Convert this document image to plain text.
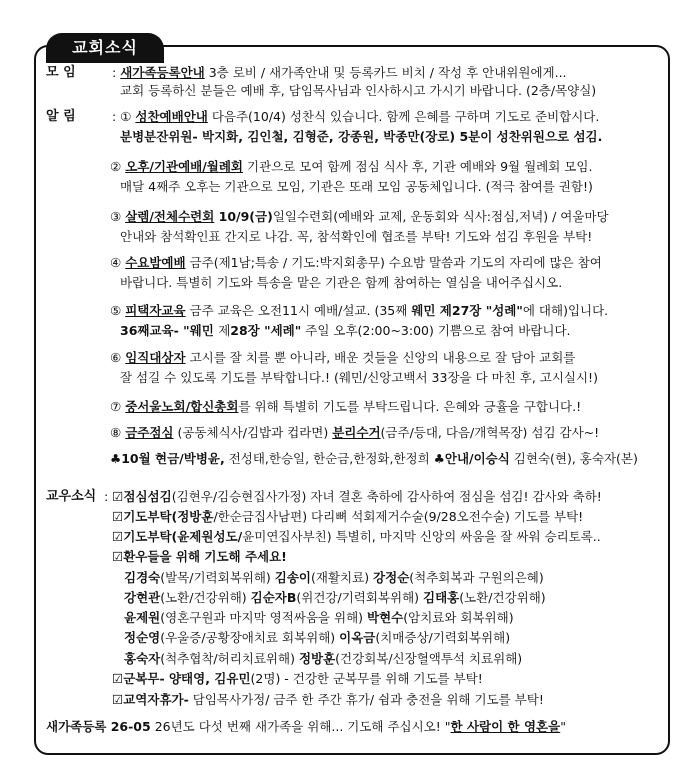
교회소식
모 임	: 새가족등록안내 3층 로비 / 새가족안내 및 등록카드 비치 / 작성 후 안내위원에게...
교회 등록하신 분들은 예배 후, 담임목사님과 인사하시고 가시기 바랍니다. (2층/목양실)
알 림	: ① 성찬예배안내 다음주(10/4) 성찬식 있습니다. 함께 은혜를 구하며 기도로 준비합시다.
분병분잔위원- 박지화, 김인철, 김형준, 강종원, 박종만(장로) 5분이 성찬위원으로 섬김.
② 오후/기관예배/월례회 기관으로 모여 함께 점심 식사 후, 기관 예배와 9월 월례회 모임.
매달 4째주 오후는 기관으로 모임, 기관은 또래 모임 공동체입니다. (적극 참여를 권함!)
③ 살렘/전체수련회 10/9(금)일일수련회(예배와 교제, 운동회와 식사:점심,저녁) / 여울마당
안내와 참석확인표 간지로 나감. 꼭, 참석확인에 협조를 부탁! 기도와 섬김 후원을 부탁!
④ 수요밤예배 금주(제1남;특송 / 기도:박지회총무) 수요밤 말씀과 기도의 자리에 많은 참여
바랍니다. 특별히 기도와 특송을 맡은 기관은 함께 참여하는 열심을 내어주십시오.
⑤ 피택자교육 금주 교육은 오전11시 예배/설교. (35째 웨민 제27장 "성례"에 대해)입니다.
36째교육- "웨민 제28장 "세례" 주일 오후(2:00~3:00) 기쁨으로 참여 바랍니다.
⑥ 임직대상자 고시를 잘 치를 뿐 아니라, 배운 것들을 신앙의 내용으로 잘 담아 교회를
잘 섬길 수 있도록 기도를 부탁합니다.! (웨민/신앙고백서 33장을 다 마친 후, 고시실시!)
⑦ 중서울노회/합신총회를 위해 특별히 기도를 부탁드립니다. 은혜와 긍휼을 구합니다.!
⑧ 금주점심 (공동체식사/김밥과 컵라면) 분리수거(금주/등대, 다음/개혁목장) 섬김 감사~!
♣10월 현금/박병윤, 전성태,한승일, 한순금,한정화,한정희 ♣안내/이승식 김현숙(현), 홍숙자(본)
교우소식 : ☑점심섬김(김현우/김승현집사가정) 자녀 결혼 축하에 감사하여 점심을 섬김! 감사와 축하!
☑기도부탁(정방훈/한순금집사남편) 다리뼈 석회제거수술(9/28오전수술) 기도를 부탁!
☑기도부탁(윤제원성도/윤미연집사부친) 특별히, 마지막 신앙의 싸움을 잘 싸워 승리토록..
☑환우들을 위해 기도해 주세요!
김경숙(발목/기력회복위해) 김송이(재활치료) 강정순(척추회복과 구원의은혜)
강현관(노환/건강위해) 김순자B(위건강/기력회복위해) 김태홍(노환/건강위해)
윤제원(영혼구원과 마지막 영적싸움을 위해) 박현수(암치료와 회복위해)
정순영(우울증/공황장애치료 회복위해) 이옥금(치매증상/기력회복위해)
홍숙자(척추협착/허리치료위해) 정방훈(건강회복/신장혈액투석 치료위해)
☑군복무- 양태영, 김유민(2명) - 건강한 군복무를 위해 기도를 부탁!
☑교역자휴가- 담임목사가정/ 금주 한 주간 휴가/ 쉼과 충전을 위해 기도를 부탁!
새가족등록 26-05 26년도 다섯 번째 새가족을 위해... 기도해 주십시오! "한 사람이 한 영혼을"
